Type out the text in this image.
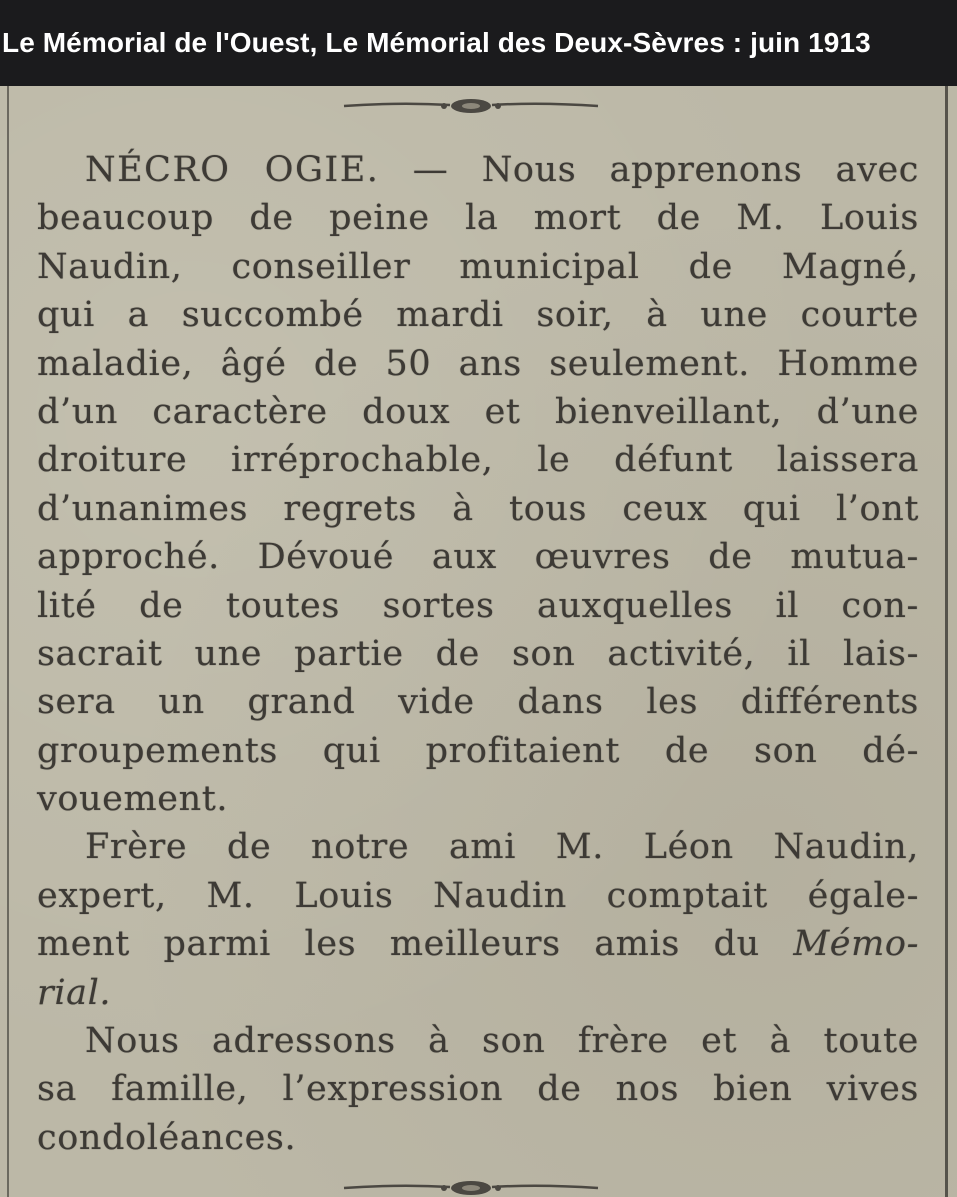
Le Mémorial de l'Ouest, Le Mémorial des Deux-Sèvres : juin 1913
NÉCRO OGIE. — Nous apprenons avec
beaucoup de peine la mort de M. Louis
Naudin, conseiller municipal de Magné,
qui a succombé mardi soir, à une courte
maladie, âgé de 50 ans seulement. Homme
d’un caractère doux et bienveillant, d’une
droiture irréprochable, le défunt laissera
d’unanimes regrets à tous ceux qui l’ont
approché. Dévoué aux œuvres de mutua-
lité de toutes sortes auxquelles il con-
sacrait une partie de son activité, il lais-
sera un grand vide dans les différents
groupements qui profitaient de son dé-
vouement.
Frère de notre ami M. Léon Naudin,
expert, M. Louis Naudin comptait égale-
ment parmi les meilleurs amis du Mémo-
rial.
Nous adressons à son frère et à toute
sa famille, l’expression de nos bien vives
condoléances.
